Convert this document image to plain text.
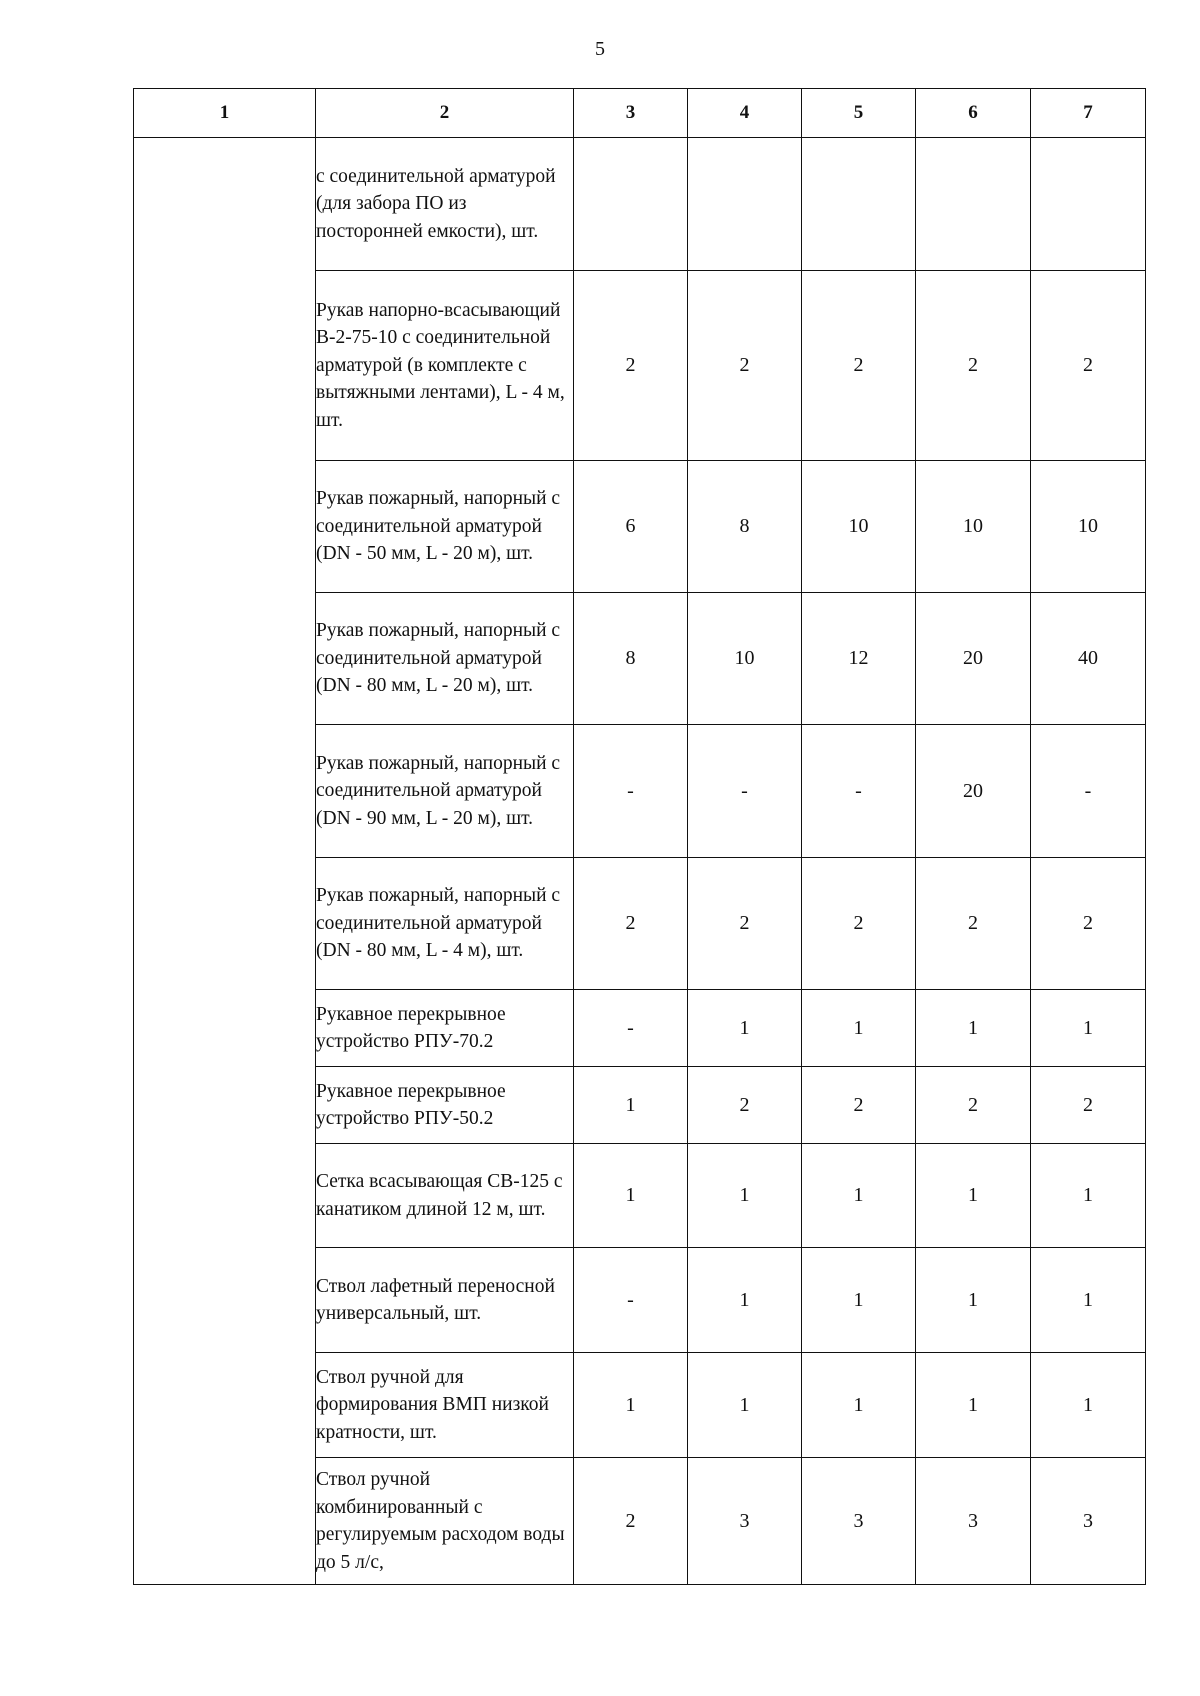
5
1	2	3	4	5	6	7
	с соединительной арматурой (для забора ПО из посторонней емкости), шт.					
	Рукав напорно-всасывающий В-2-75-10 с соединительной арматурой (в комплекте с вытяжными лентами), L - 4 м, шт.	2	2	2	2	2
	Рукав пожарный, напорный с соединительной арматурой (DN - 50 мм, L - 20 м), шт.	6	8	10	10	10
	Рукав пожарный, напорный с соединительной арматурой (DN - 80 мм, L - 20 м), шт.	8	10	12	20	40
	Рукав пожарный, напорный с соединительной арматурой (DN - 90 мм, L - 20 м), шт.	-	-	-	20	-
	Рукав пожарный, напорный с соединительной арматурой (DN - 80 мм, L - 4 м), шт.	2	2	2	2	2
	Рукавное перекрывное устройство РПУ-70.2	-	1	1	1	1
	Рукавное перекрывное устройство РПУ-50.2	1	2	2	2	2
	Сетка всасывающая СВ-125 с канатиком длиной 12 м, шт.	1	1	1	1	1
	Ствол лафетный переносной универсальный, шт.	-	1	1	1	1
	Ствол ручной для формирования ВМП низкой кратности, шт.	1	1	1	1	1
	Ствол ручной комбинированный с регулируемым расходом воды до 5 л/с,	2	3	3	3	3
